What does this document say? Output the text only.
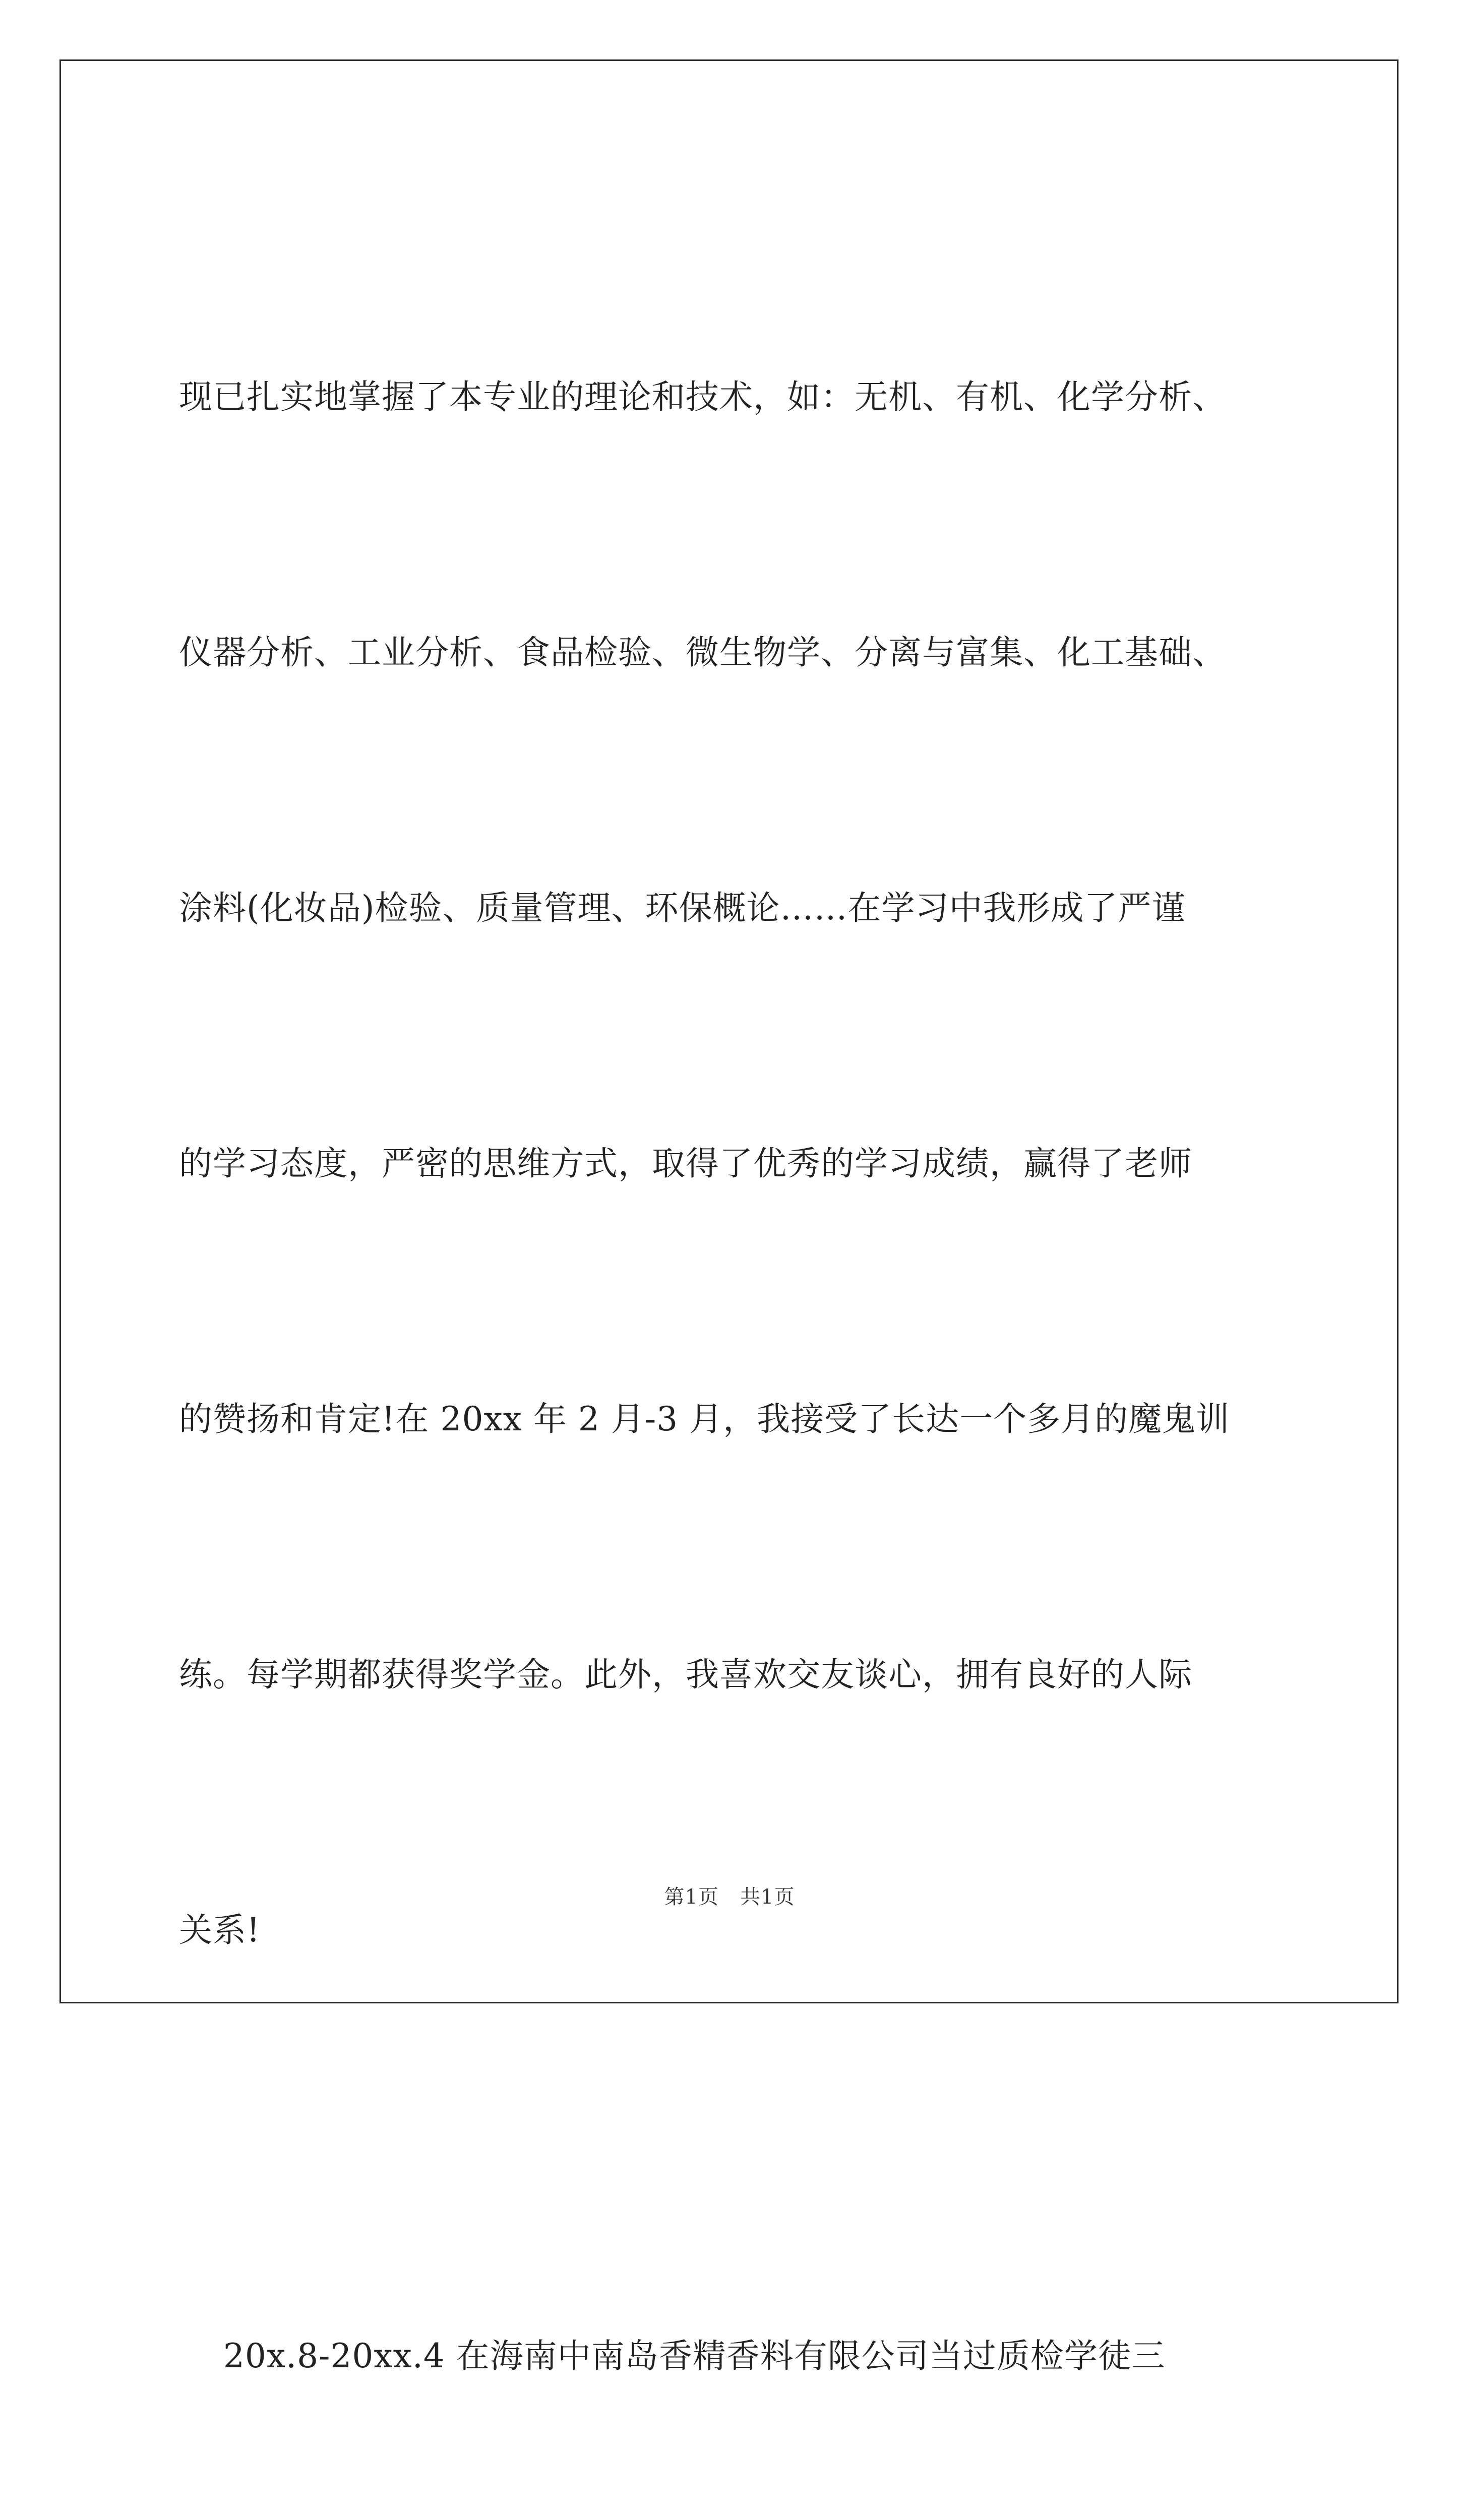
现已扎实地掌握了本专业的理论和技术，如：无机、有机、化学分析、

仪器分析、工业分析、食品检验、微生物学、分离与富集、化工基础、

涂料(化妆品)检验、质量管理、环保概论……在学习中我形成了严谨

的学习态度，严密的思维方式，取得了优秀的学习成绩，赢得了老师

的赞扬和肯定!在 20xx 年 2 月-3 月，我接受了长达一个多月的魔鬼训

练。每学期都获得奖学金。此外，我喜欢交友谈心，拥有良好的人际

关系!

20x.8-20xx.4 在海南中南岛香精香料有限公司当过质检学徒三

第1页 共1页
